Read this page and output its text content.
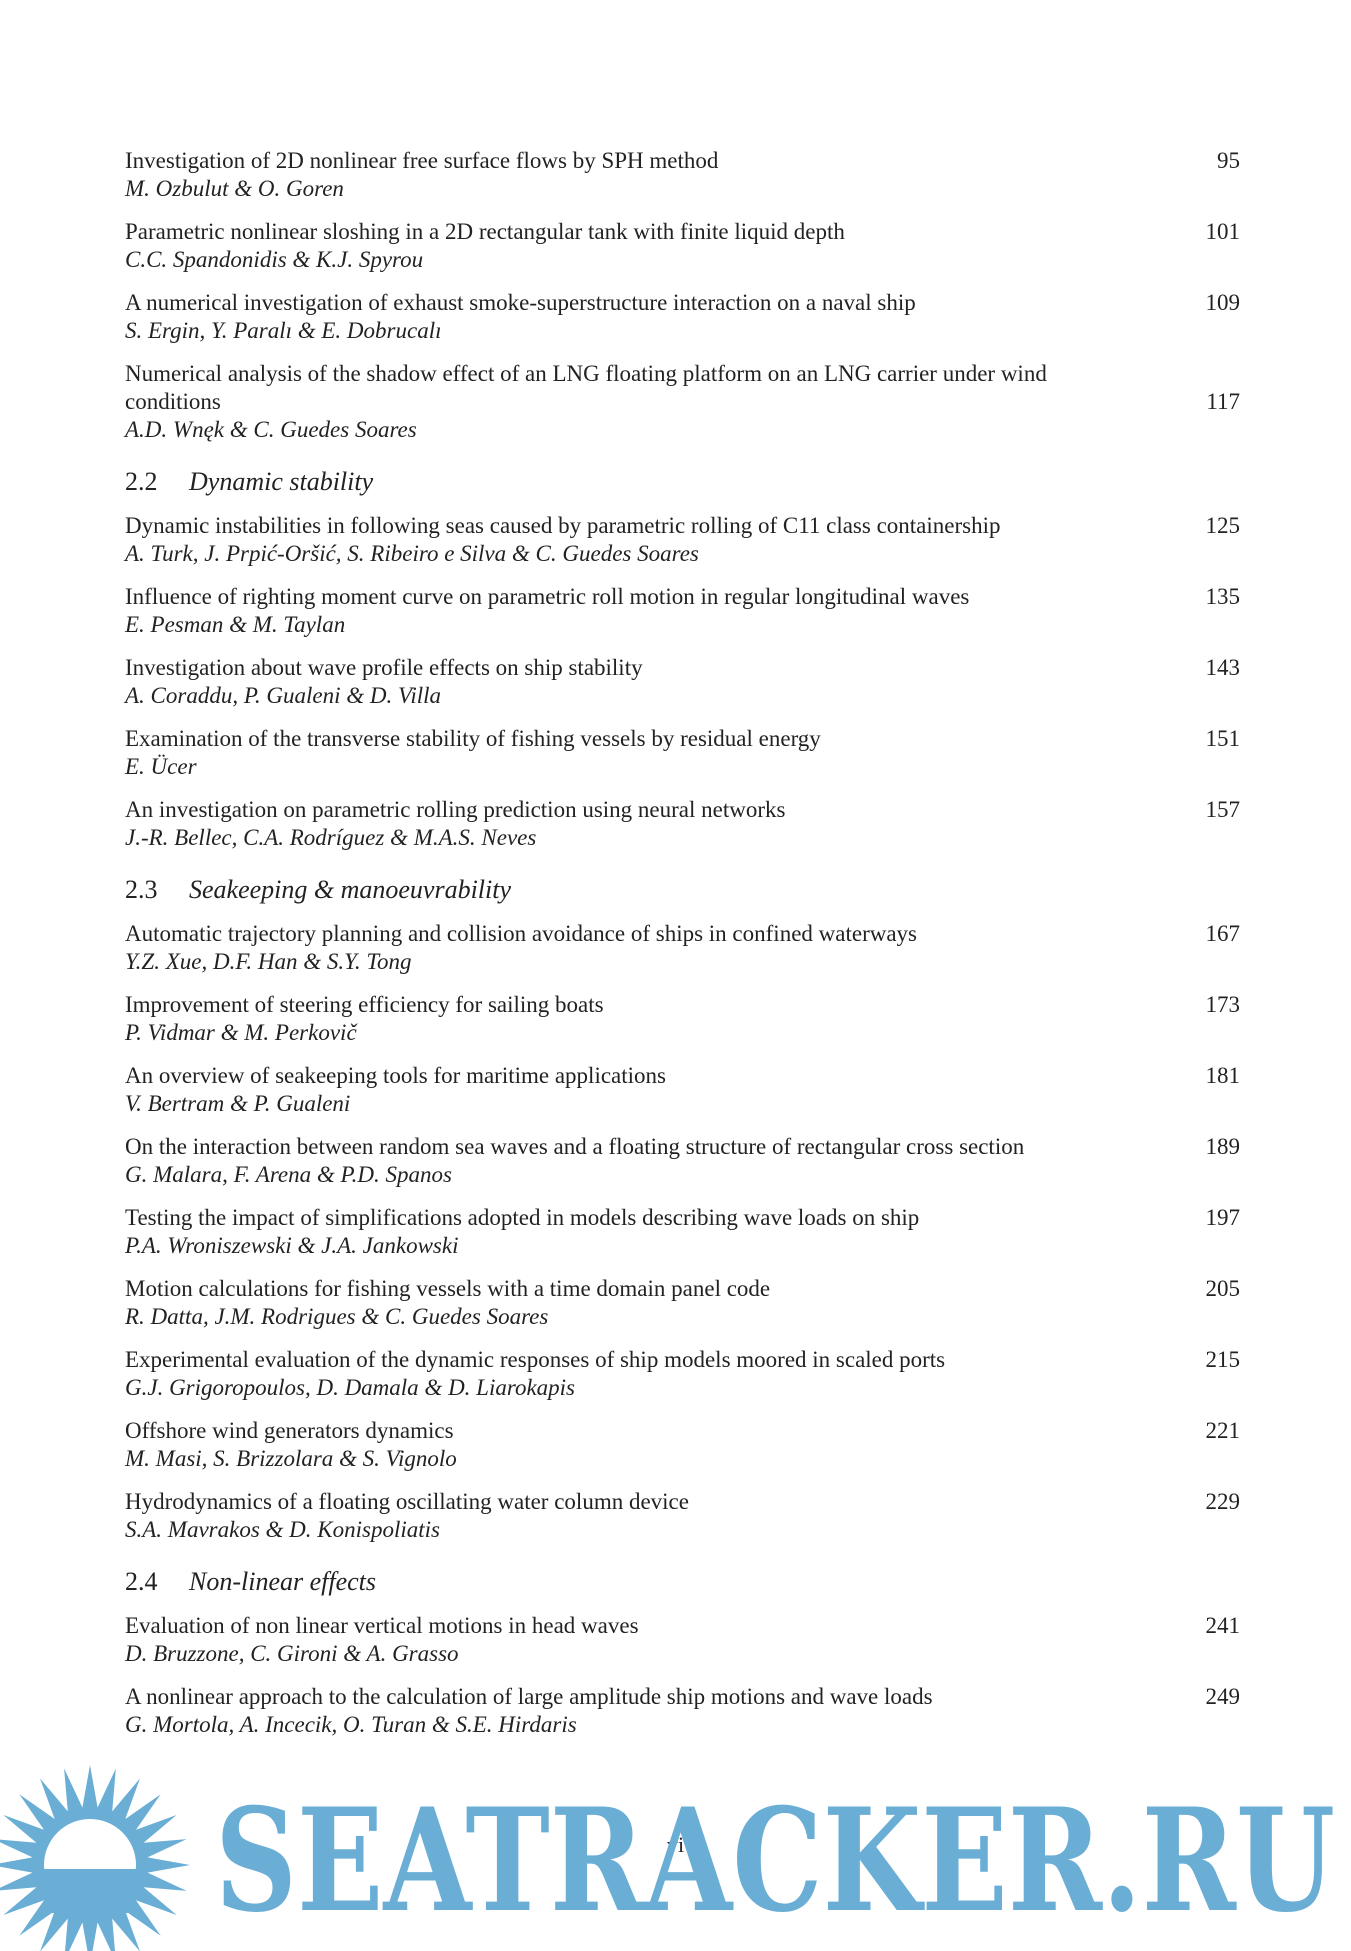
Investigation of 2D nonlinear free surface flows by SPH method
M. Ozbulut & O. Goren
95
Parametric nonlinear sloshing in a 2D rectangular tank with finite liquid depth
C.C. Spandonidis & K.J. Spyrou
101
A numerical investigation of exhaust smoke-superstructure interaction on a naval ship
S. Ergin, Y. Paralı & E. Dobrucalı
109
Numerical analysis of the shadow effect of an LNG floating platform on an LNG carrier under wind conditions
A.D. Wnęk & C. Guedes Soares
117
2.2 Dynamic stability
Dynamic instabilities in following seas caused by parametric rolling of C11 class containership
A. Turk, J. Prpić-Oršić, S. Ribeiro e Silva & C. Guedes Soares
125
Influence of righting moment curve on parametric roll motion in regular longitudinal waves
E. Pesman & M. Taylan
135
Investigation about wave profile effects on ship stability
A. Coraddu, P. Gualeni & D. Villa
143
Examination of the transverse stability of fishing vessels by residual energy
E. Ücer
151
An investigation on parametric rolling prediction using neural networks
J.-R. Bellec, C.A. Rodríguez & M.A.S. Neves
157
2.3 Seakeeping & manoeuvrability
Automatic trajectory planning and collision avoidance of ships in confined waterways
Y.Z. Xue, D.F. Han & S.Y. Tong
167
Improvement of steering efficiency for sailing boats
P. Vidmar & M. Perkovič
173
An overview of seakeeping tools for maritime applications
V. Bertram & P. Gualeni
181
On the interaction between random sea waves and a floating structure of rectangular cross section
G. Malara, F. Arena & P.D. Spanos
189
Testing the impact of simplifications adopted in models describing wave loads on ship
P.A. Wroniszewski & J.A. Jankowski
197
Motion calculations for fishing vessels with a time domain panel code
R. Datta, J.M. Rodrigues & C. Guedes Soares
205
Experimental evaluation of the dynamic responses of ship models moored in scaled ports
G.J. Grigoropoulos, D. Damala & D. Liarokapis
215
Offshore wind generators dynamics
M. Masi, S. Brizzolara & S. Vignolo
221
Hydrodynamics of a floating oscillating water column device
S.A. Mavrakos & D. Konispoliatis
229
2.4 Non-linear effects
Evaluation of non linear vertical motions in head waves
D. Bruzzone, C. Gironi & A. Grasso
241
A nonlinear approach to the calculation of large amplitude ship motions and wave loads
G. Mortola, A. Incecik, O. Turan & S.E. Hirdaris
249
vi
SEATRACKER.RU
